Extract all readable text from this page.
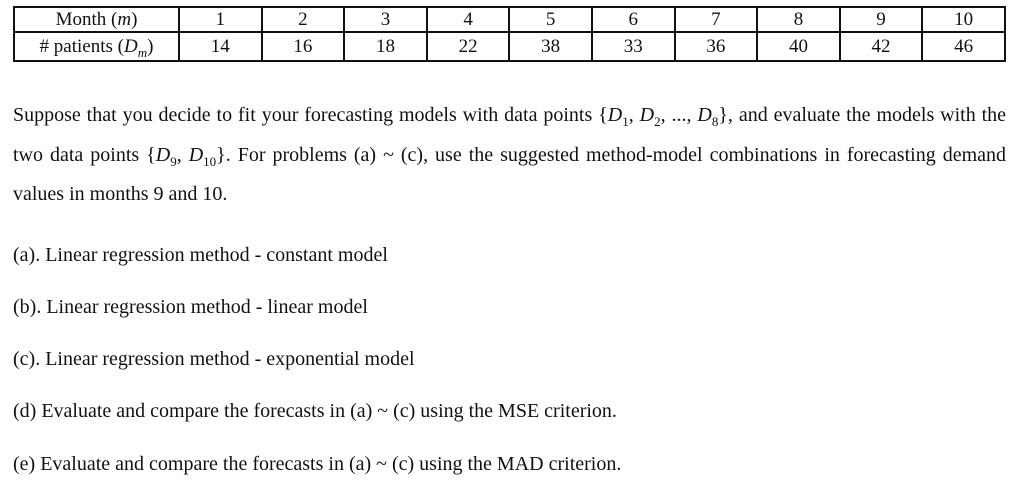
Month (m)	1	2	3	4	5	6	7	8	9	10
# patients $(D_m)$	14	16	18	22	38	33	36	40	42	46

Suppose that you decide to fit your forecasting models with data points {$D_1$, $D_2$, ..., $D_8$}, and evaluate the models with the two data points {$D_9$, $D_{10}$}. For problems (a) ~ (c), use the suggested method-model combinations in forecasting demand values in months 9 and 10.

(a). Linear regression method - constant model

(b). Linear regression method - linear model

(c). Linear regression method - exponential model

(d) Evaluate and compare the forecasts in (a) ~ (c) using the MSE criterion.

(e) Evaluate and compare the forecasts in (a) ~ (c) using the MAD criterion.
